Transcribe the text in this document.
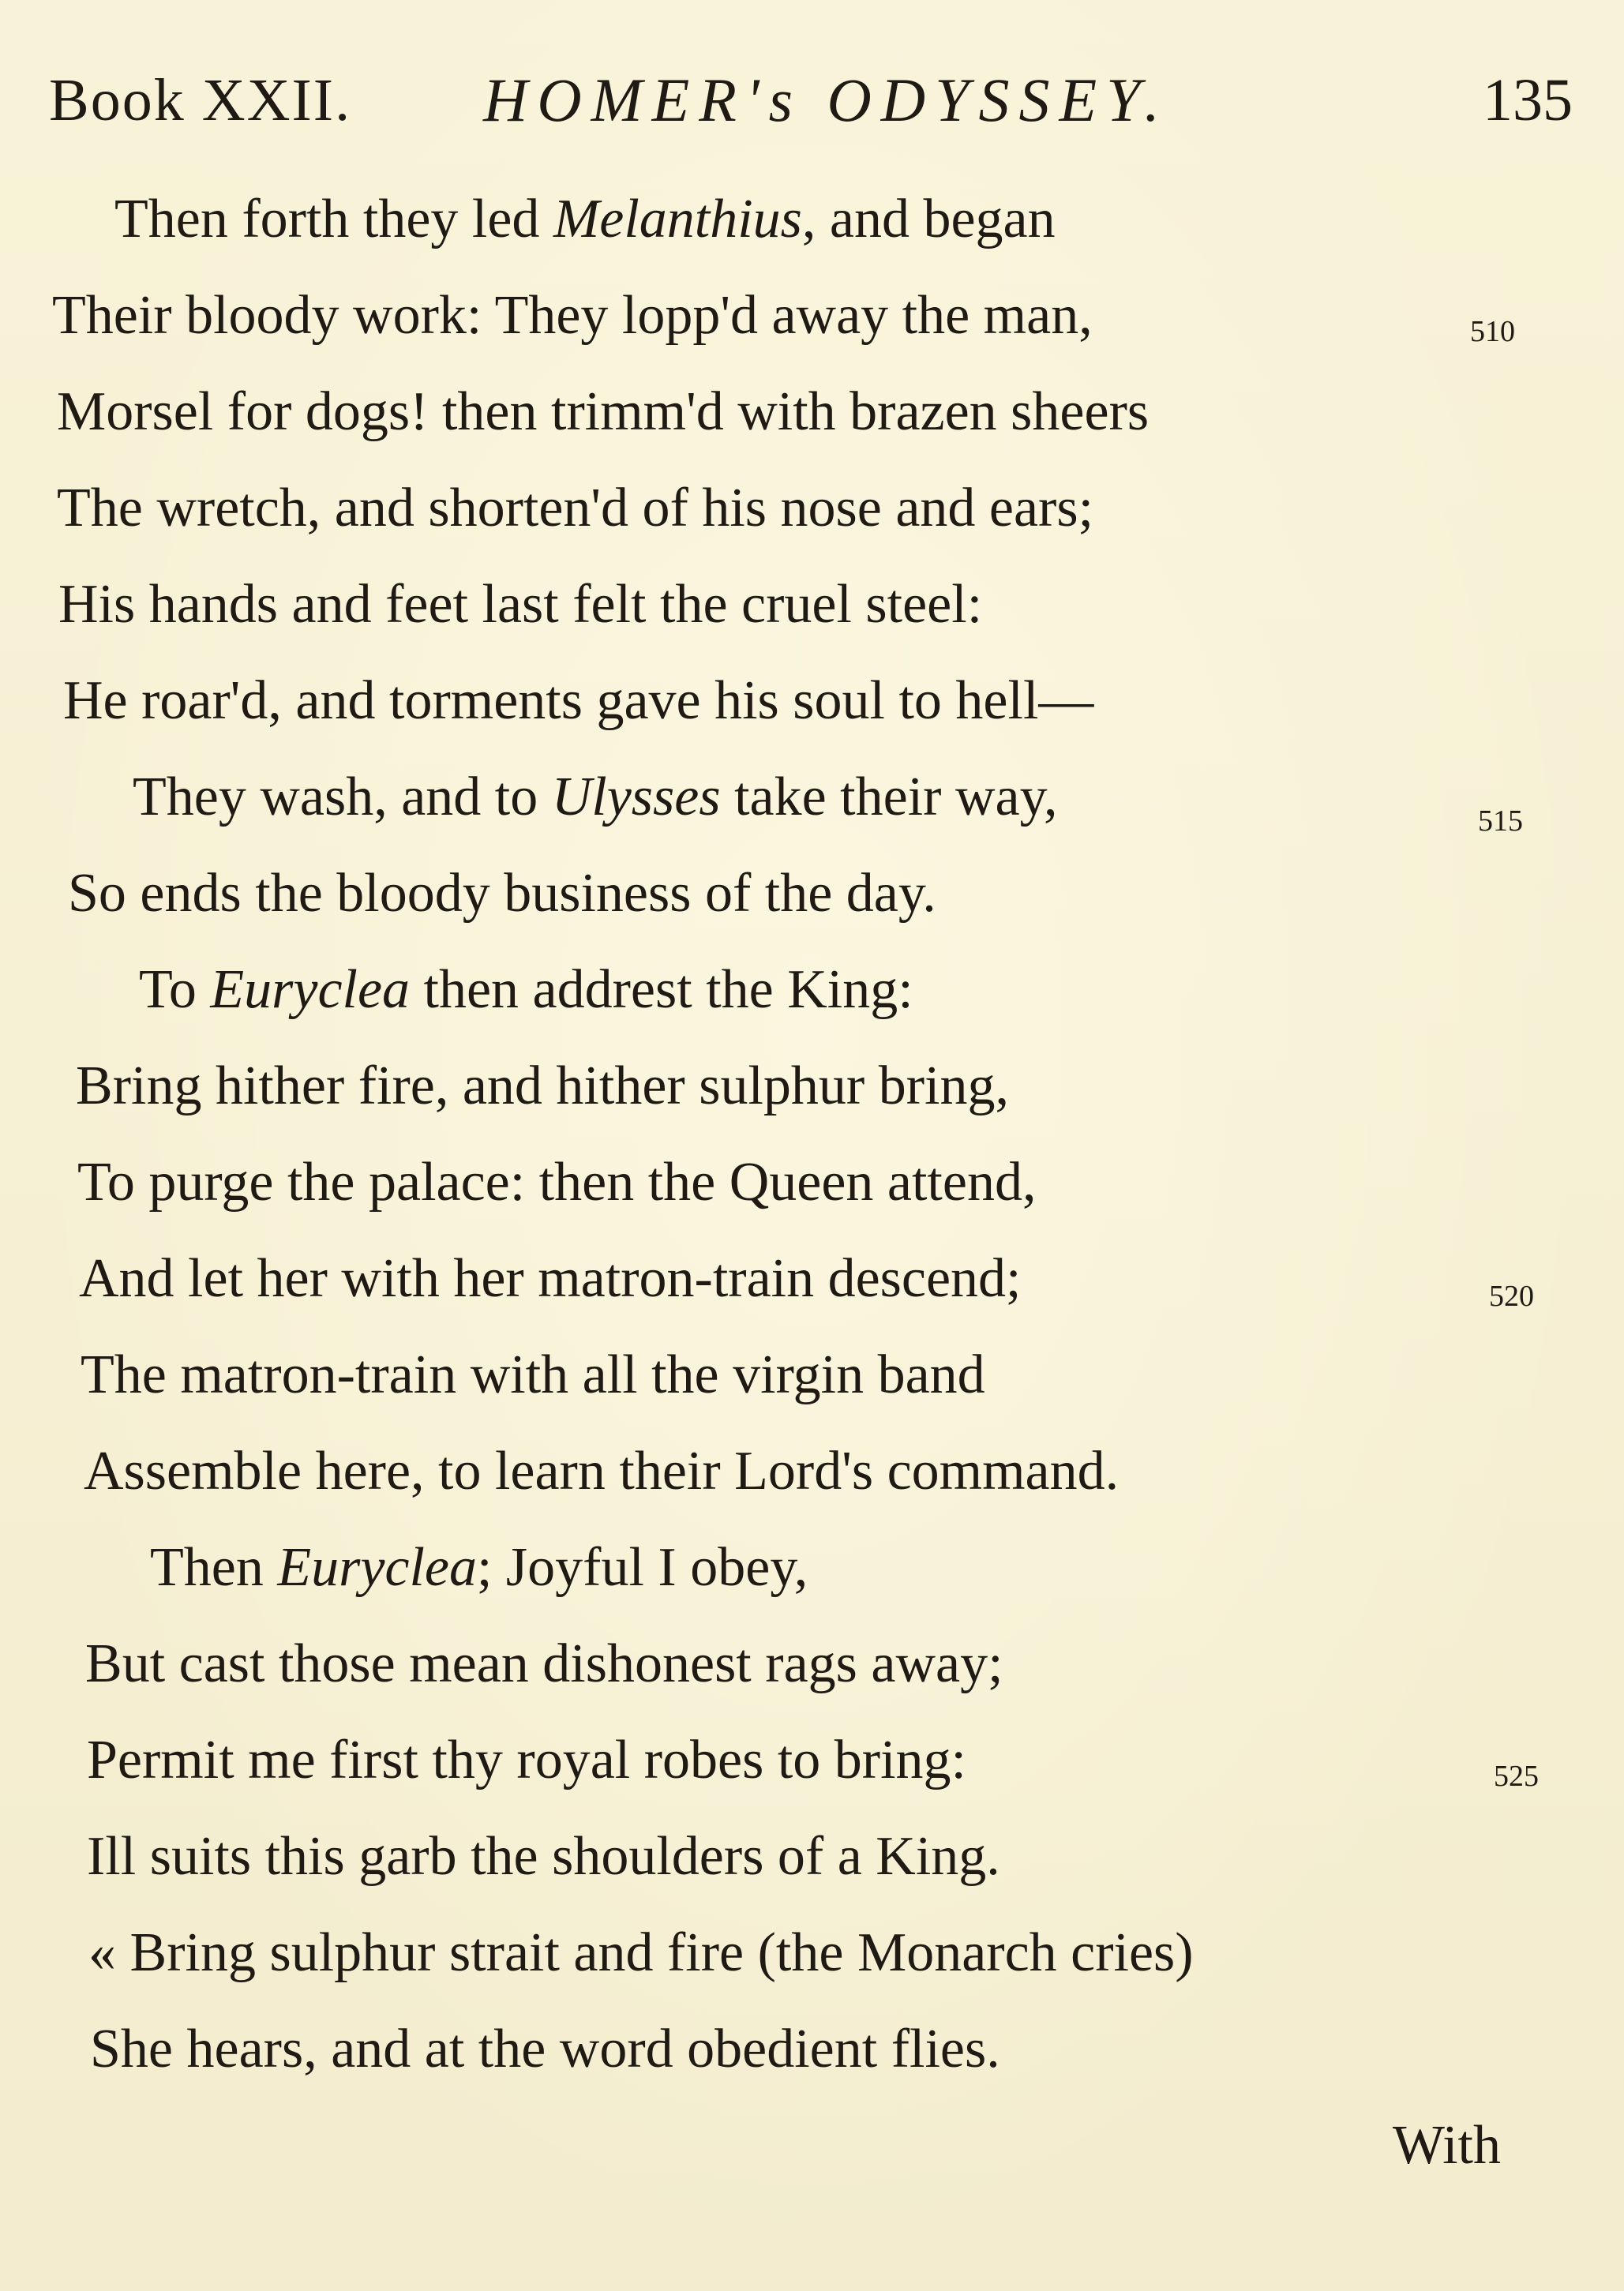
Book XXII. HOMER's ODYSSEY.	135
Then forth they led Melanthius, and began
Their bloody work: They lopp'd away the man,
Morsel for dogs! then trimm'd with brazen sheers
The wretch, and shorten'd of his nose and ears;
His hands and feet last felt the cruel steel:
He roar'd, and torments gave his soul to hell—
They wash, and to Ulysses take their way,
So ends the bloody business of the day.
To Euryclea then addrest the King:
Bring hither fire, and hither sulphur bring,
To purge the palace: then the Queen attend,
And let her with her matron-train descend;
The matron-train with all the virgin band
Assemble here, to learn their Lord's command.
Then Euryclea; Joyful I obey,
But cast those mean dishonest rags away;
Permit me first thy royal robes to bring:
Ill suits this garb the shoulders of a King.
« Bring sulphur strait and fire (the Monarch cries)
She hears, and at the word obedient flies.
510
515
520
525
With
